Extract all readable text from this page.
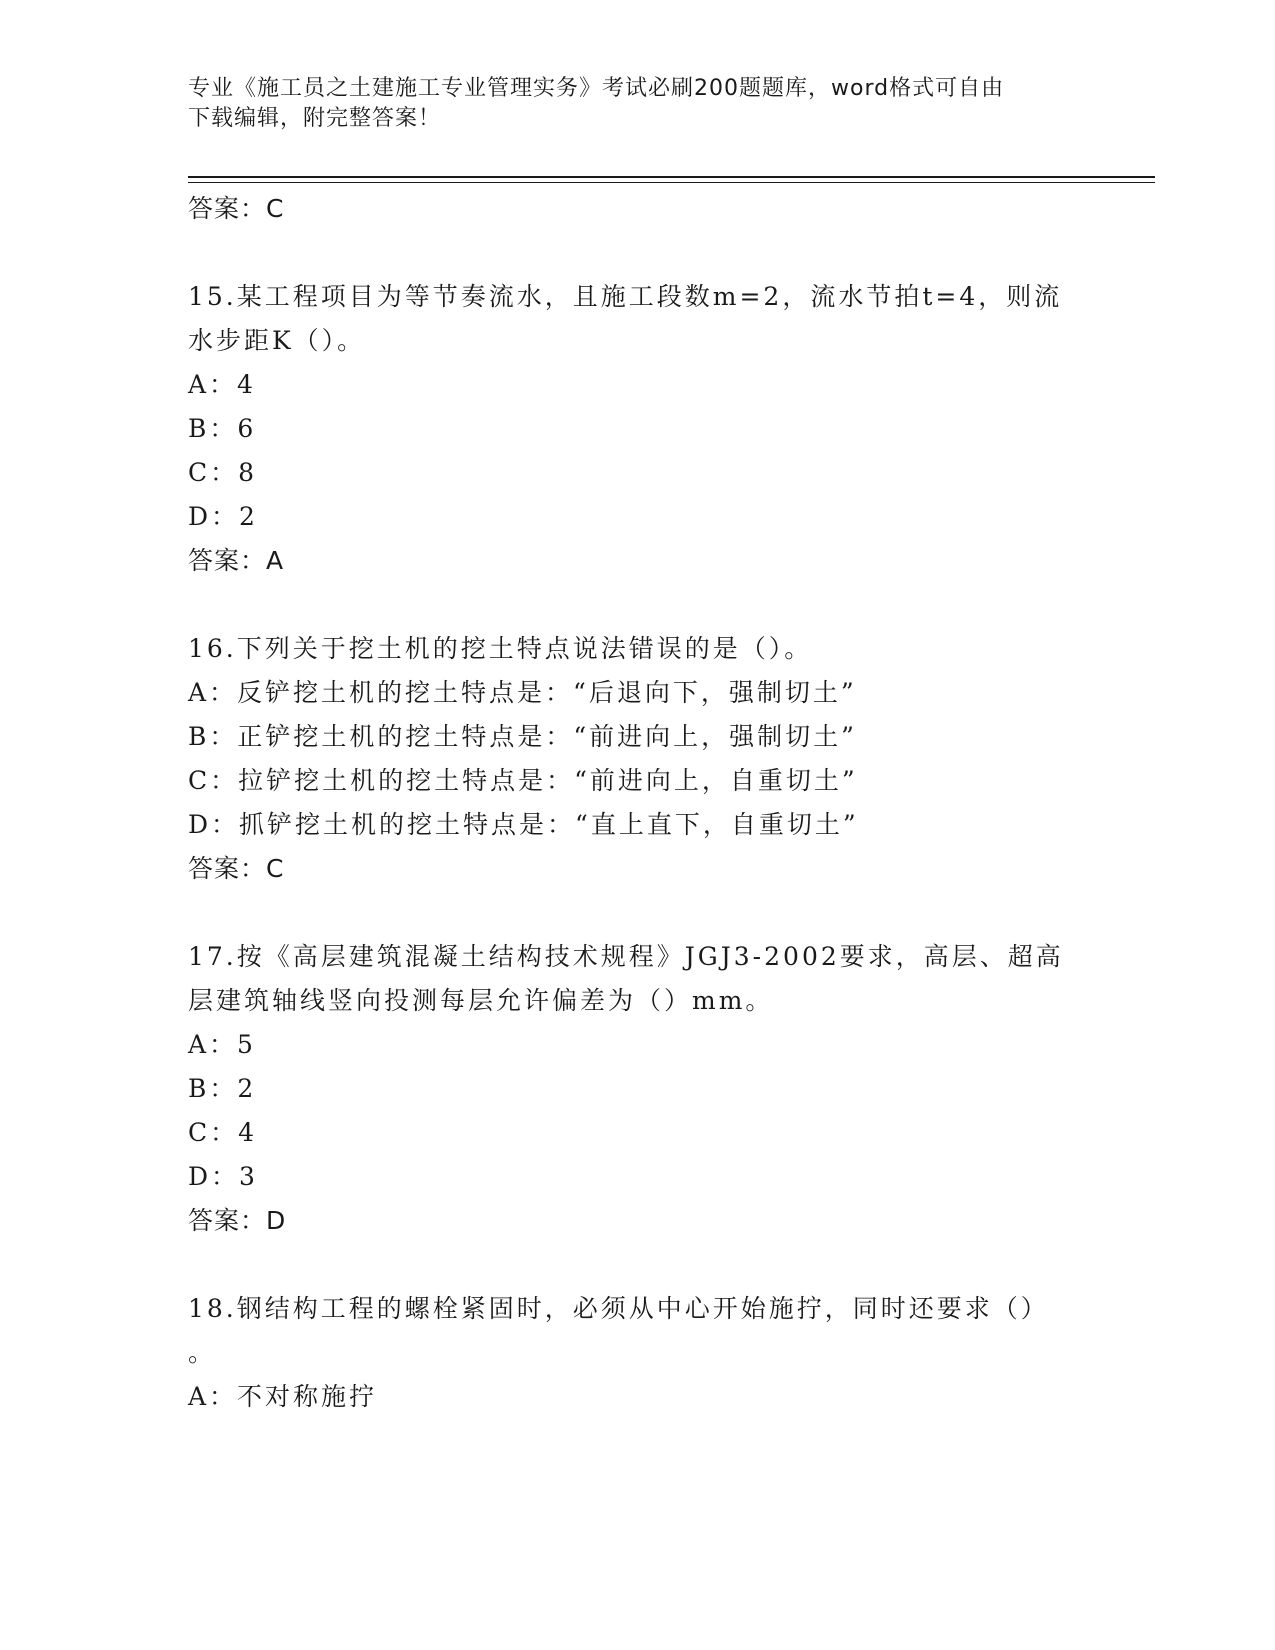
专业《施工员之土建施工专业管理实务》考试必刷200题题库，word格式可自由
下载编辑，附完整答案！
答案：C
15.某工程项目为等节奏流水，且施工段数m=2，流水节拍t=4，则流
水步距K（）。
A：4
B：6
C：8
D：2
答案：A
16.下列关于挖土机的挖土特点说法错误的是（）。
A：反铲挖土机的挖土特点是：“后退向下，强制切土”
B：正铲挖土机的挖土特点是：“前进向上，强制切土”
C：拉铲挖土机的挖土特点是：“前进向上，自重切土”
D：抓铲挖土机的挖土特点是：“直上直下，自重切土”
答案：C
17.按《高层建筑混凝土结构技术规程》JGJ3-2002要求，高层、超高
层建筑轴线竖向投测每层允许偏差为（）mm。
A：5
B：2
C：4
D：3
答案：D
18.钢结构工程的螺栓紧固时，必须从中心开始施拧，同时还要求（）
。
A：不对称施拧
